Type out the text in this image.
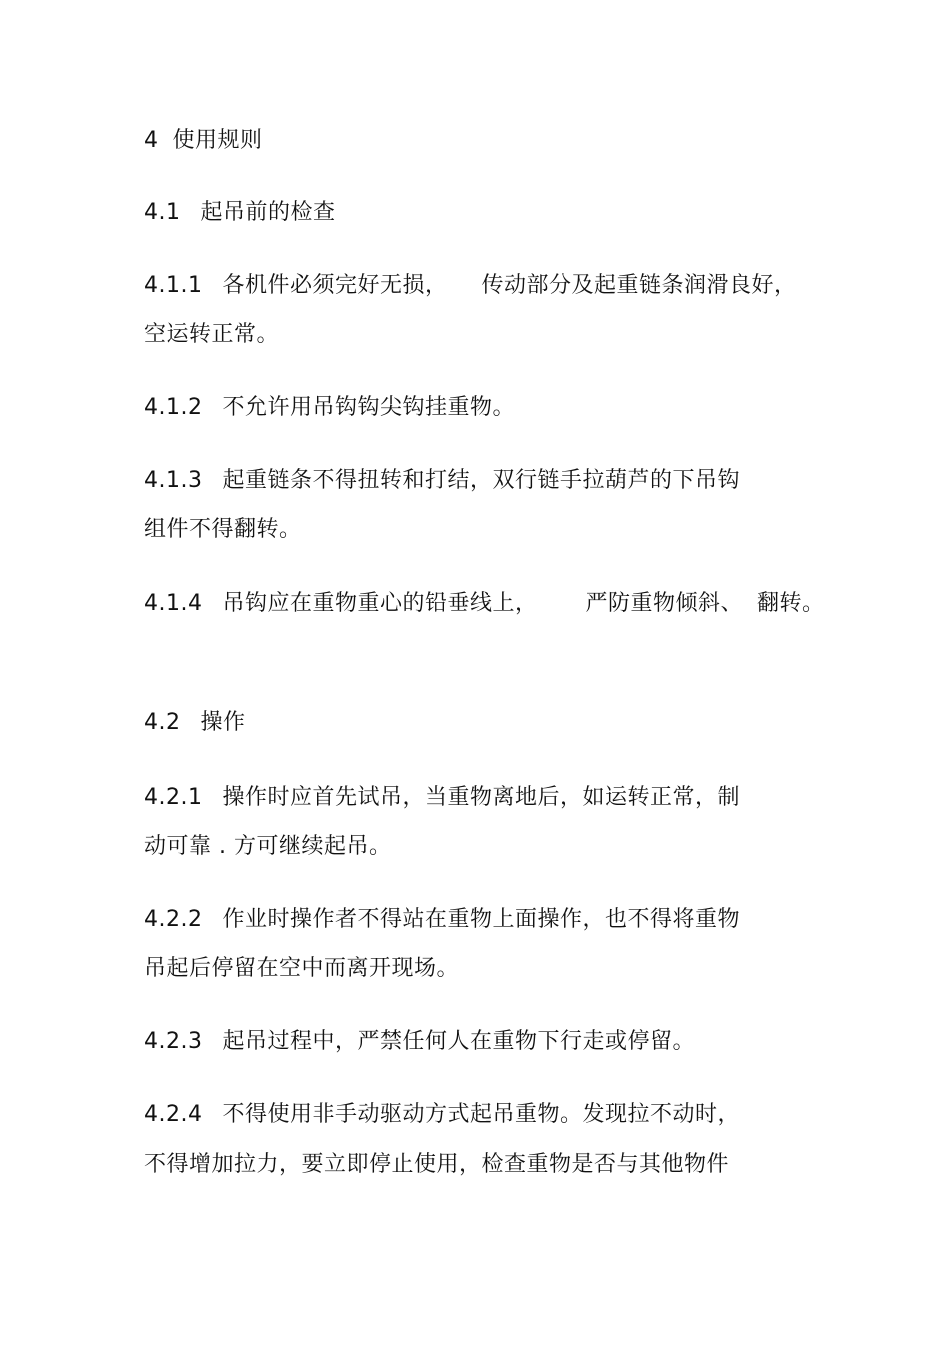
4 使用规则
4.1 起吊前的检查
4.1.1 各机件必须完好无损， 传动部分及起重链条润滑良好，
空运转正常。
4.1.2 不允许用吊钩钩尖钩挂重物。
4.1.3 起重链条不得扭转和打结，双行链手拉葫芦的下吊钩
组件不得翻转。
4.1.4 吊钩应在重物重心的铅垂线上， 严防重物倾斜、 翻转。
4.2 操作
4.2.1 操作时应首先试吊，当重物离地后，如运转正常，制
动可靠 . 方可继续起吊。
4.2.2 作业时操作者不得站在重物上面操作，也不得将重物
吊起后停留在空中而离开现场。
4.2.3 起吊过程中，严禁任何人在重物下行走或停留。
4.2.4 不得使用非手动驱动方式起吊重物。发现拉不动时，
不得增加拉力，要立即停止使用，检查重物是否与其他物件
